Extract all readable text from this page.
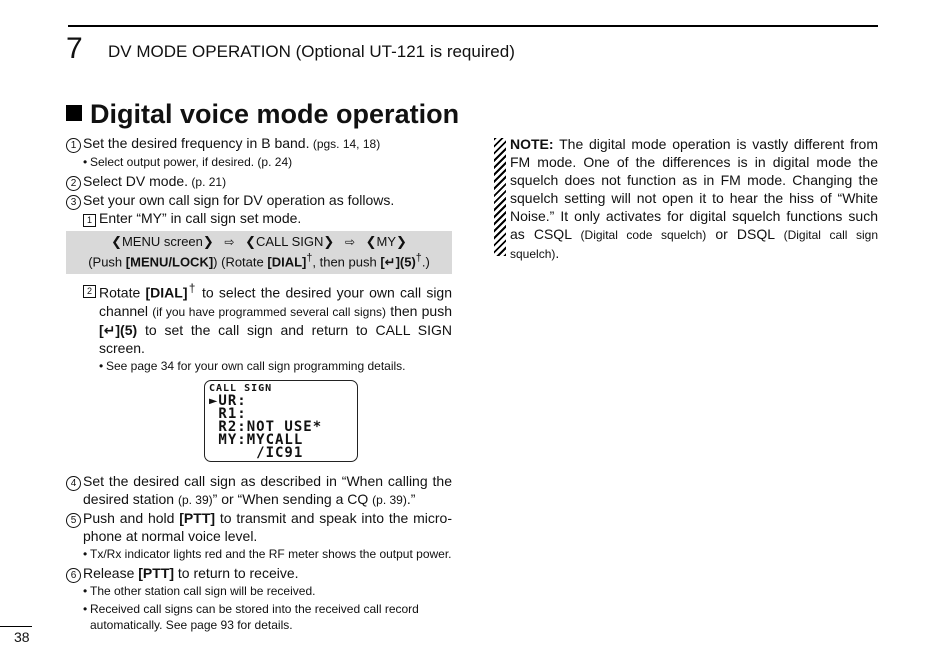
7 DV MODE OPERATION (Optional UT-121 is required)
Digital voice mode operation
1 Set the desired frequency in B band. (pgs. 14, 18)
• Select output power, if desired. (p. 24)
2 Select DV mode. (p. 21)
3 Set your own call sign for DV operation as follows.
1 Enter “MY” in call sign set mode.
❮MENU screen❯ ⇨ ❮CALL SIGN❯ ⇨ ❮MY❯
(Push [MENU/LOCK]) (Rotate [DIAL]†, then push [↵](5)†.)
2 Rotate [DIAL]† to select the desired your own call sign channel (if you have programmed several call signs) then push [↵](5) to set the call sign and return to CALL SIGN screen.
• See page 34 for your own call sign programming details.
CALL SIGN
►UR:
R1:
R2:NOT USE*
MY:MYCALL
/IC91
4 Set the desired call sign as described in “When calling the desired station (p. 39)” or “When sending a CQ (p. 39).”
5 Push and hold [PTT] to transmit and speak into the micro- phone at normal voice level.
• Tx/Rx indicator lights red and the RF meter shows the output power.
6 Release [PTT] to return to receive.
• The other station call sign will be received.
• Received call signs can be stored into the received call record automatically. See page 93 for details.
NOTE: The digital mode operation is vastly different from FM mode. One of the differences is in digital mode the squelch does not function as in FM mode. Changing the squelch setting will not open it to hear the hiss of “White Noise.” It only activates for digital squelch functions such as CSQL (Digital code squelch) or DSQL (Digital call sign squelch).
38
